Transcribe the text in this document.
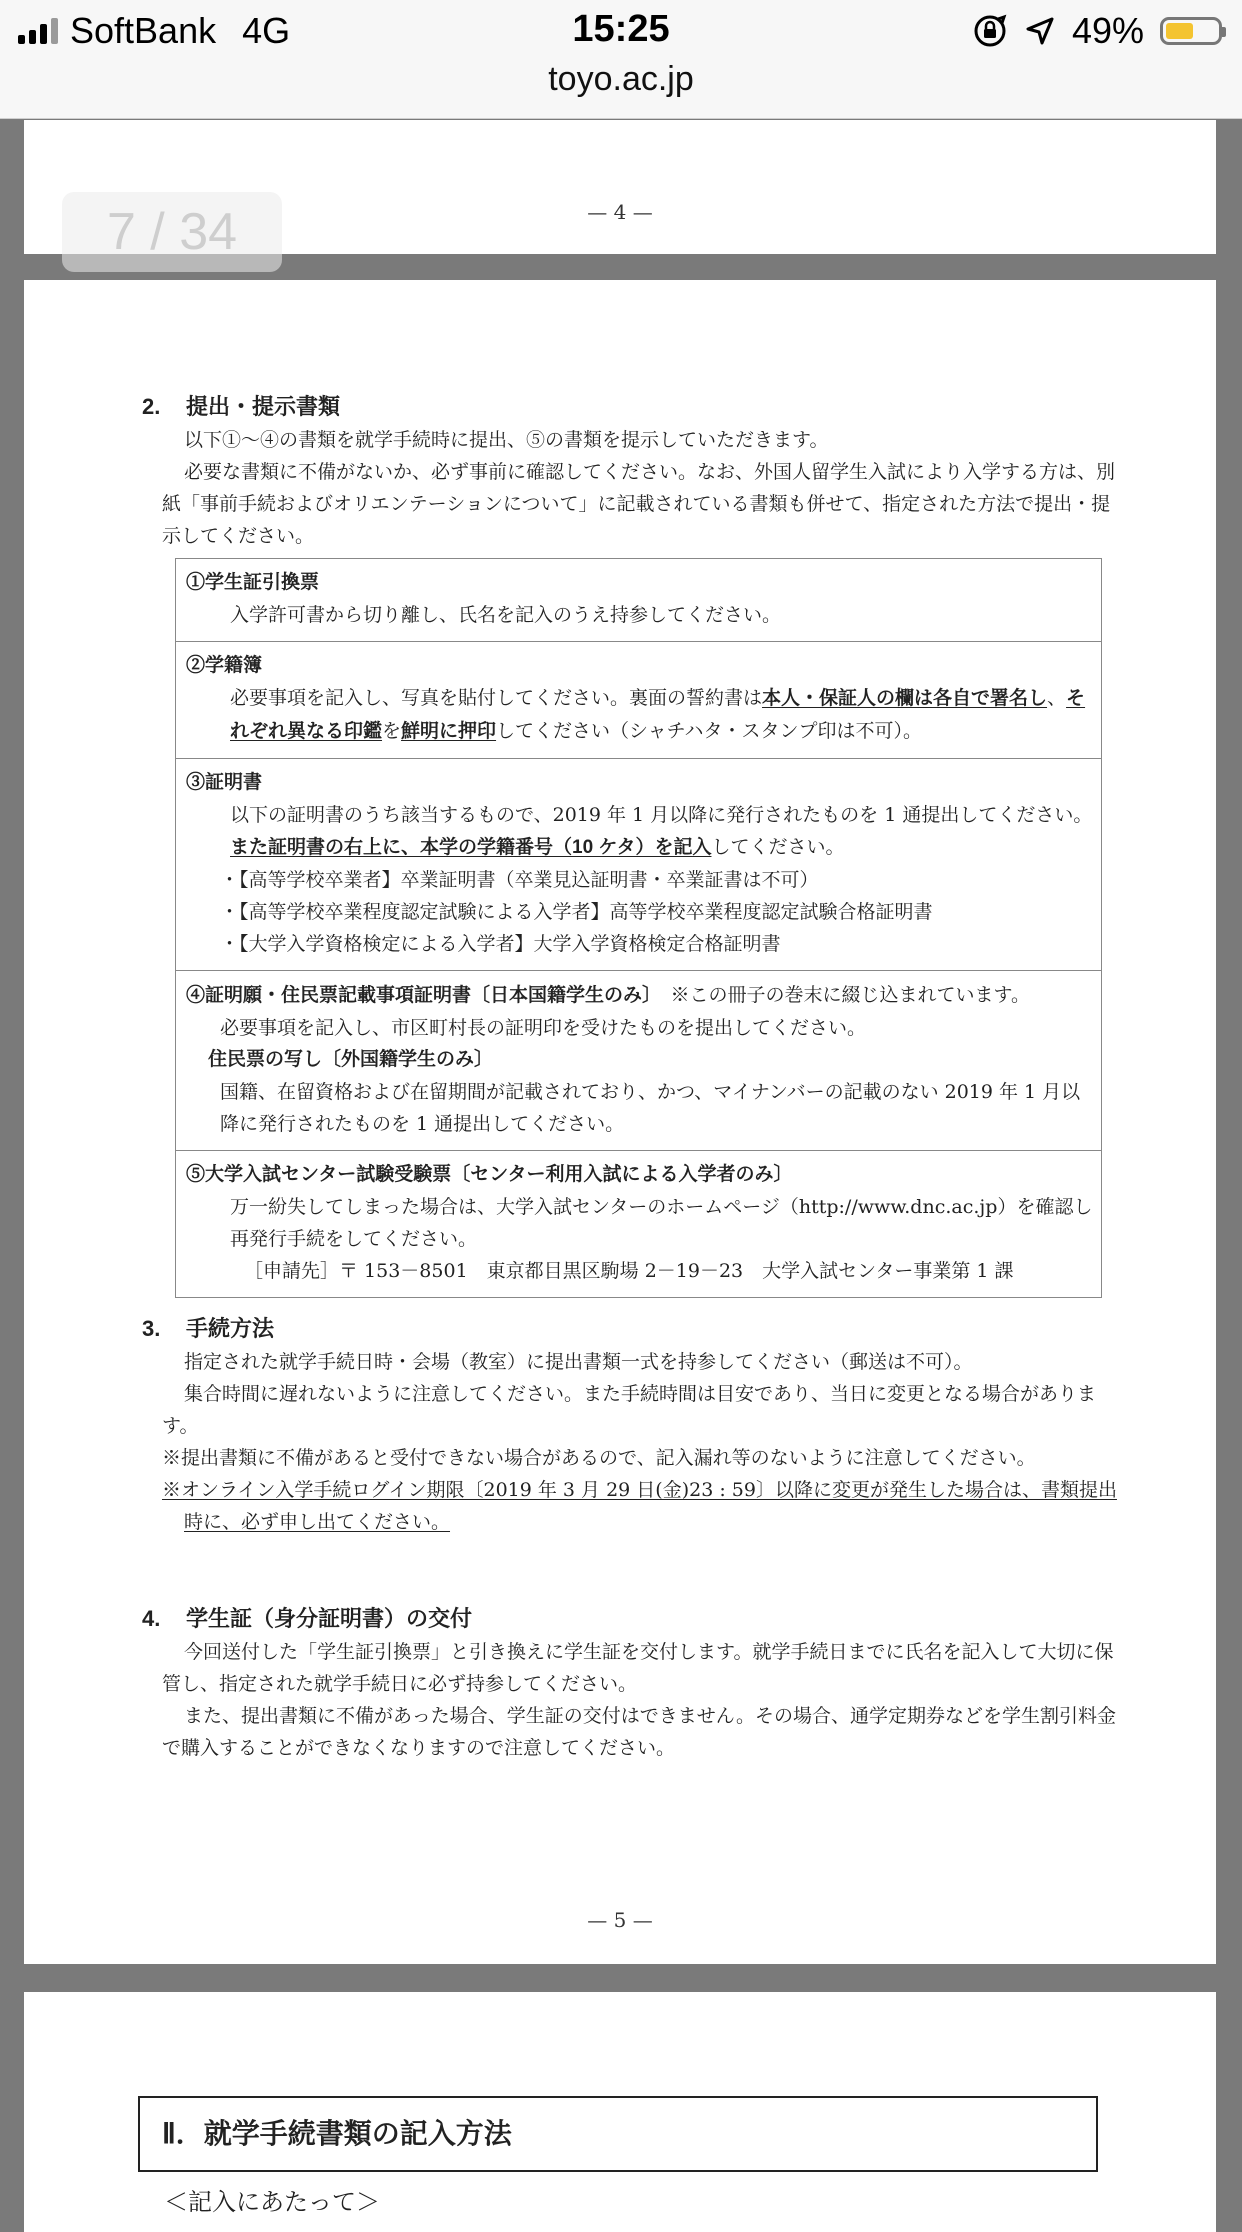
SoftBank 4G	15:25	49%
toyo.ac.jp
— 4 —
7 / 34
2. 提出・提示書類

以下①〜④の書類を就学手続時に提出、⑤の書類を提示していただきます。

必要な書類に不備がないか、必ず事前に確認してください。なお、外国人留学生入試により入学する方は、別紙「事前手続およびオリエンテーションについて」に記載されている書類も併せて、指定された方法で提出・提示してください。

①学生証引換票
入学許可書から切り離し、氏名を記入のうえ持参してください。
②学籍簿
必要事項を記入し、写真を貼付してください。裏面の誓約書は本人・保証人の欄は各自で署名し、それぞれ異なる印鑑を鮮明に押印してください（シャチハタ・スタンプ印は不可）。
③証明書
以下の証明書のうち該当するもので、2019 年 1 月以降に発行されたものを 1 通提出してください。また証明書の右上に、本学の学籍番号（10 ケタ）を記入してください。
・【高等学校卒業者】卒業証明書（卒業見込証明書・卒業証書は不可）
・【高等学校卒業程度認定試験による入学者】高等学校卒業程度認定試験合格証明書
・【大学入学資格検定による入学者】大学入学資格検定合格証明書
④証明願・住民票記載事項証明書〔日本国籍学生のみ〕　 ※この冊子の巻末に綴じ込まれています。
必要事項を記入し、市区町村長の証明印を受けたものを提出してください。
住民票の写し〔外国籍学生のみ〕
国籍、在留資格および在留期間が記載されており、かつ、マイナンバーの記載のない 2019 年 1 月以降に発行されたものを 1 通提出してください。
⑤大学入試センター試験受験票〔センター利用入試による入学者のみ〕
万一紛失してしまった場合は、大学入試センターのホームページ（http://www.dnc.ac.jp）を確認し再発行手続をしてください。
［申請先］〒 153－8501　東京都目黒区駒場 2－19－23　大学入試センター事業第 1 課
3. 手続方法

指定された就学手続日時・会場（教室）に提出書類一式を持参してください（郵送は不可）。

集合時間に遅れないように注意してください。また手続時間は目安であり、当日に変更となる場合があります。

※提出書類に不備があると受付できない場合があるので、記入漏れ等のないように注意してください。

※オンライン入学手続ログイン期限〔2019 年 3 月 29 日(金)23 : 59〕以降に変更が発生した場合は、書類提出時に、必ず申し出てください。

4. 学生証（身分証明書）の交付

今回送付した「学生証引換票」と引き換えに学生証を交付します。就学手続日までに氏名を記入して大切に保管し、指定された就学手続日に必ず持参してください。

また、提出書類に不備があった場合、学生証の交付はできません。その場合、通学定期券などを学生割引料金で購入することができなくなりますので注意してください。

— 5 —
Ⅱ．就学手続書類の記入方法
＜記入にあたって＞
